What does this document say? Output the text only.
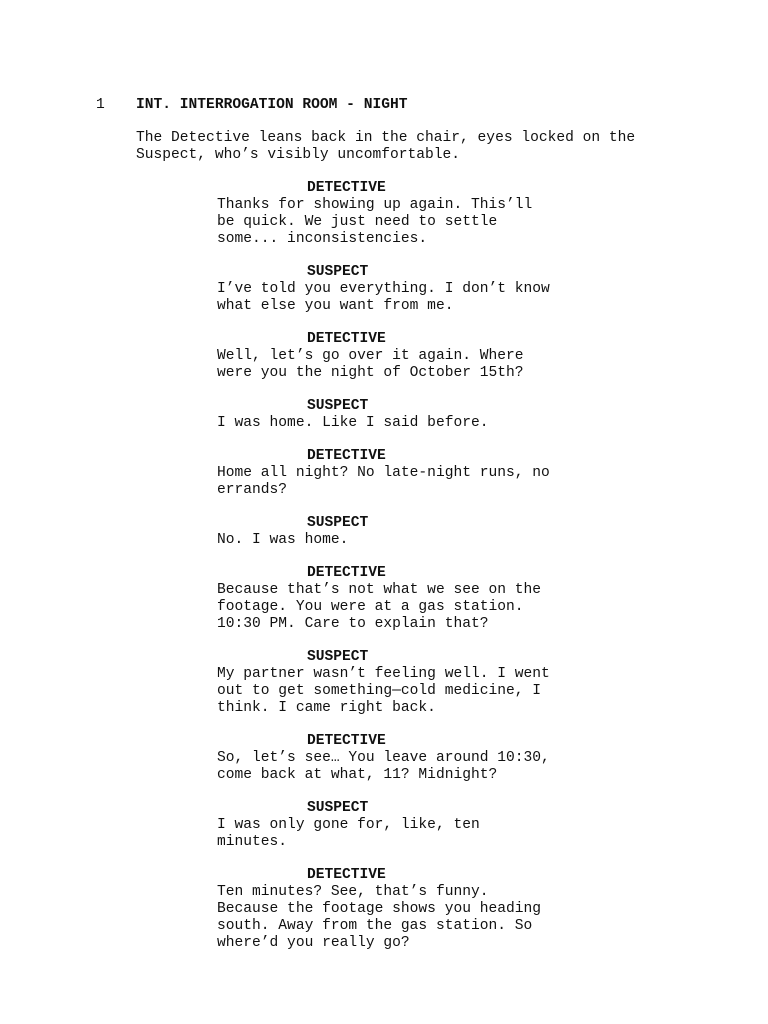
1 INT. INTERROGATION ROOM - NIGHT
The Detective leans back in the chair, eyes locked on the
Suspect, who’s visibly uncomfortable.
DETECTIVE
Thanks for showing up again. This’ll
be quick. We just need to settle
some... inconsistencies.
SUSPECT
I’ve told you everything. I don’t know
what else you want from me.
DETECTIVE
Well, let’s go over it again. Where
were you the night of October 15th?
SUSPECT
I was home. Like I said before.
DETECTIVE
Home all night? No late-night runs, no
errands?
SUSPECT
No. I was home.
DETECTIVE
Because that’s not what we see on the
footage. You were at a gas station.
10:30 PM. Care to explain that?
SUSPECT
My partner wasn’t feeling well. I went
out to get something—cold medicine, I
think. I came right back.
DETECTIVE
So, let’s see… You leave around 10:30,
come back at what, 11? Midnight?
SUSPECT
I was only gone for, like, ten
minutes.
DETECTIVE
Ten minutes? See, that’s funny.
Because the footage shows you heading
south. Away from the gas station. So
where’d you really go?
